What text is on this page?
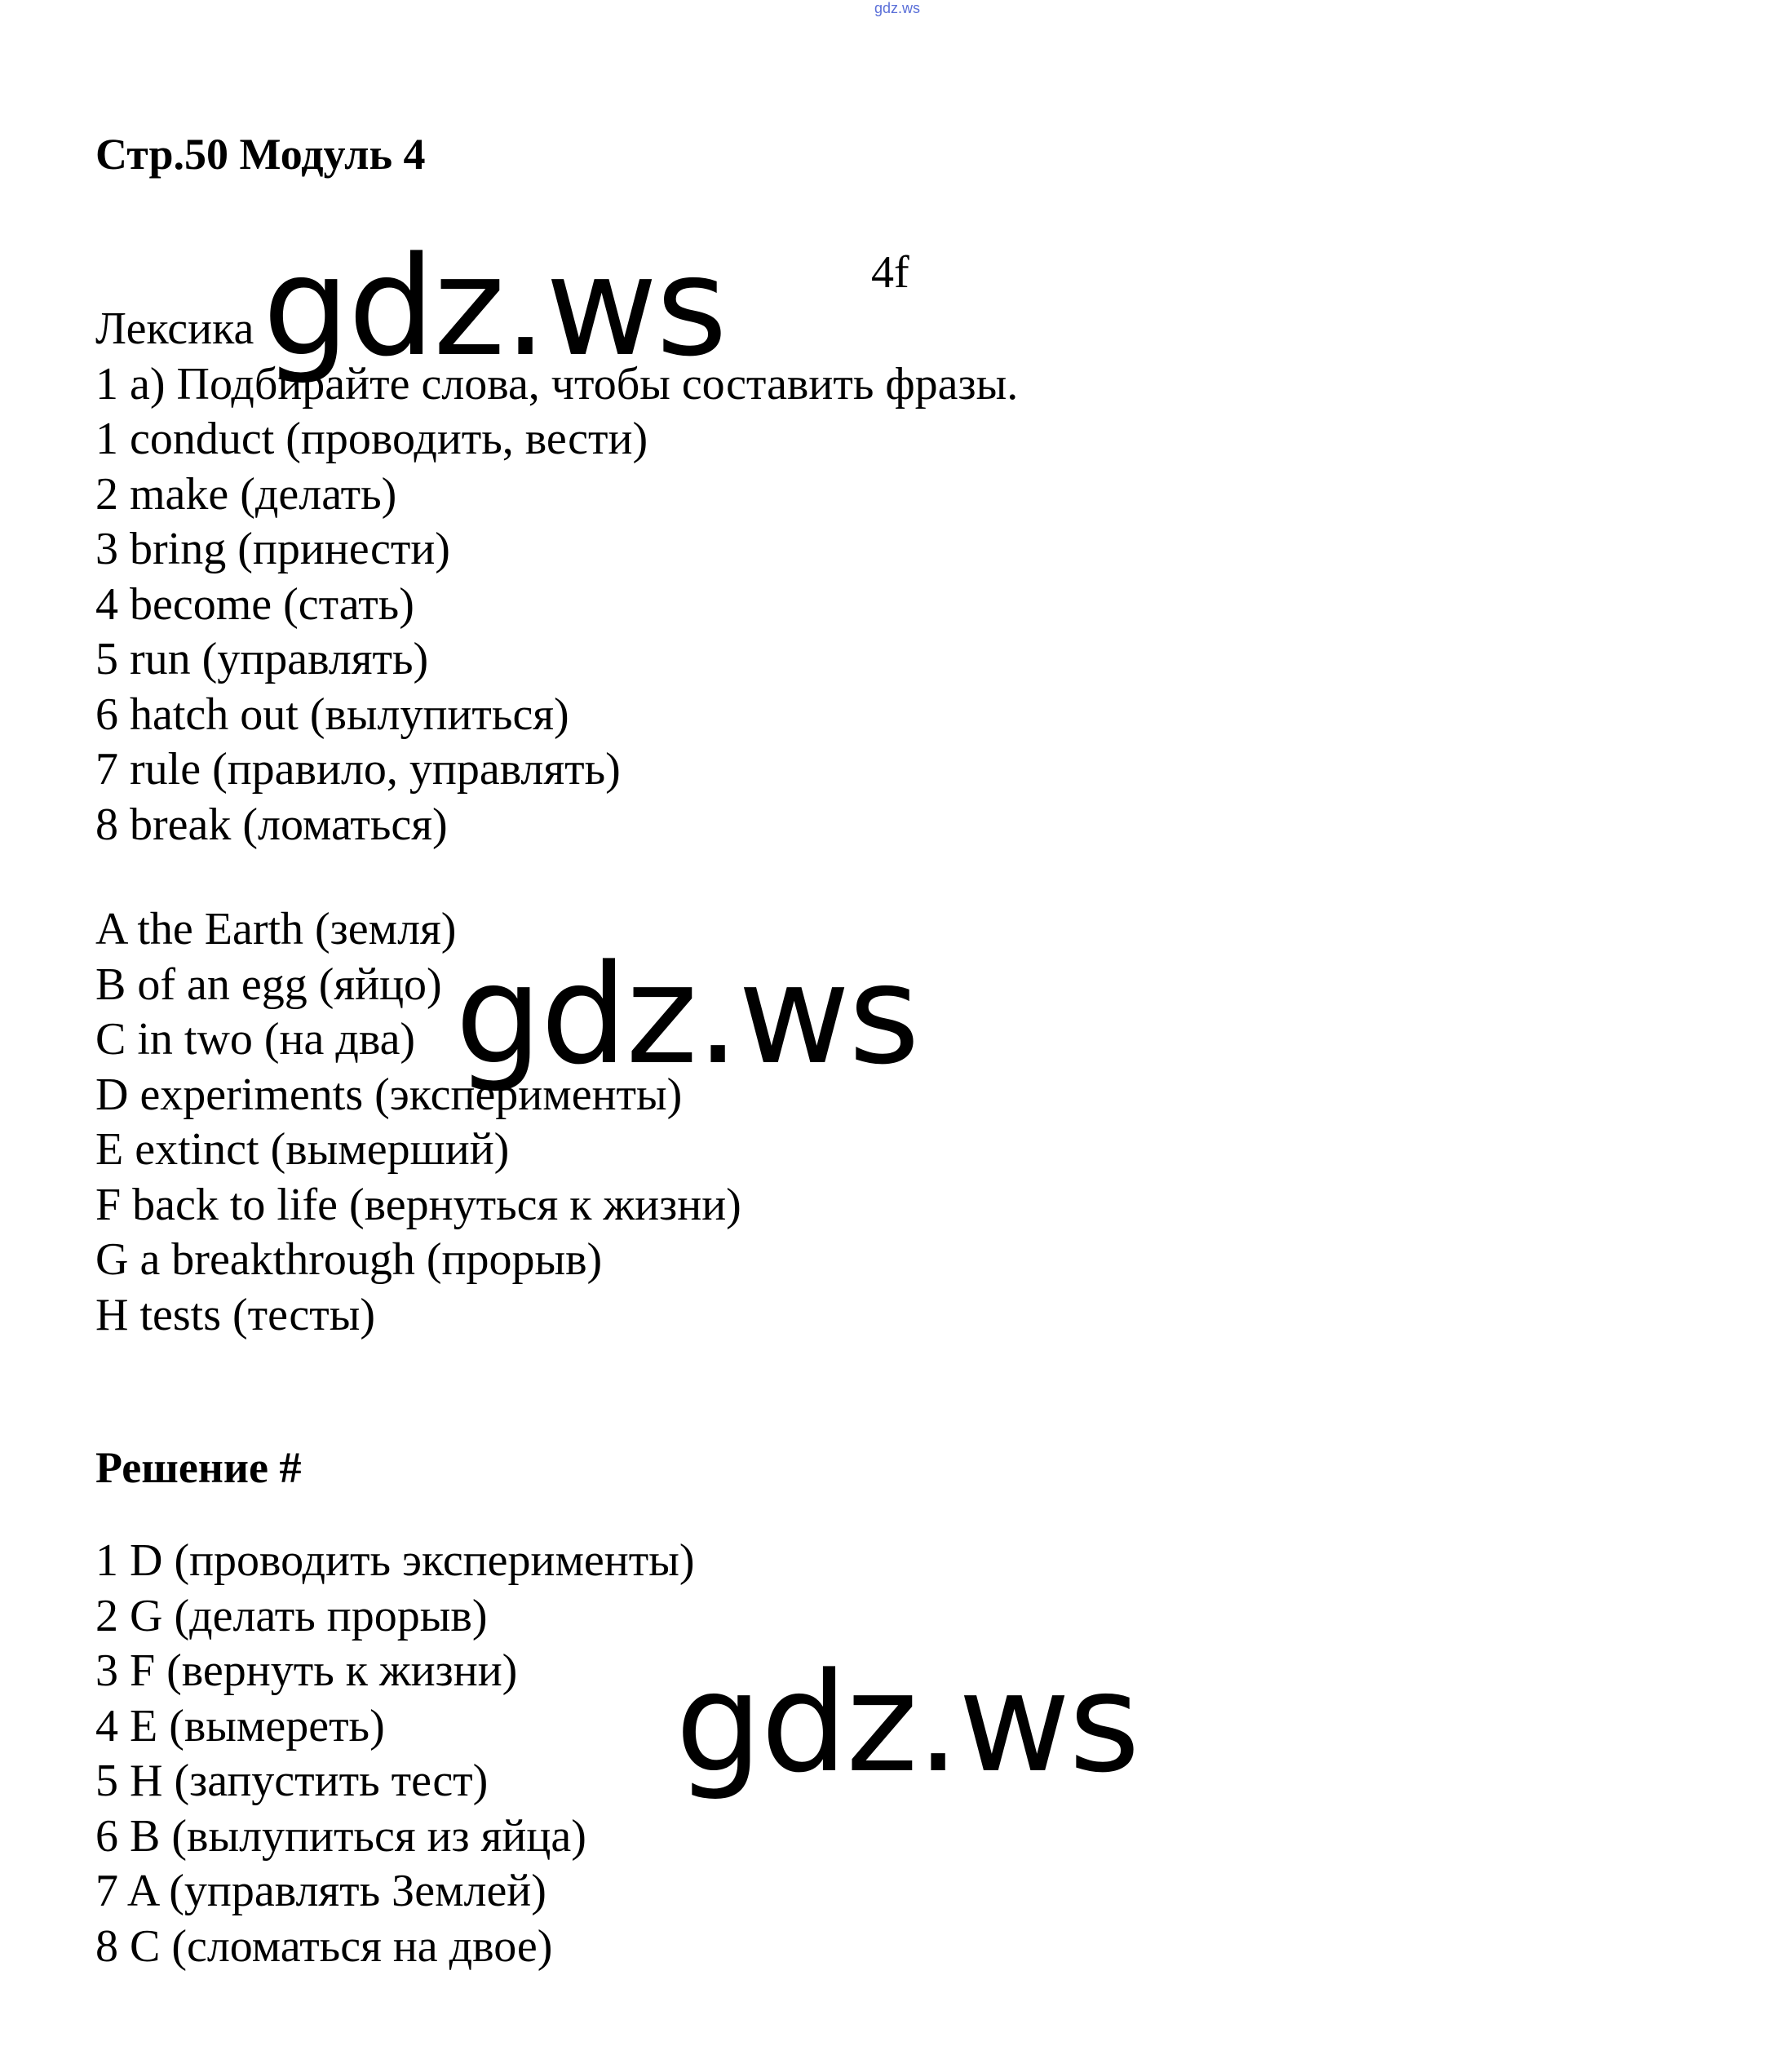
gdz.ws
Стр.50 Модуль 4
4f
Лексика
1 a) Подбирайте слова, чтобы составить фразы.
1 conduct (проводить, вести)
2 make (делать)
3 bring (принести)
4 become (стать)
5 run (управлять)
6 hatch out (вылупиться)
7 rule (правило, управлять)
8 break (ломаться)
A the Earth (земля)
B of an egg (яйцо)
C in two (на два)
D experiments (эксперименты)
E extinct (вымерший)
F back to life (вернуться к жизни)
G a breakthrough (прорыв)
H tests (тесты)
Решение #
1 D (проводить эксперименты)
2 G (делать прорыв)
3 F (вернуть к жизни)
4 E (вымереть)
5 H (запустить тест)
6 B (вылупиться из яйца)
7 A (управлять Землей)
8 C (сломаться на двое)
gdz.ws
gdz.ws
gdz.ws
